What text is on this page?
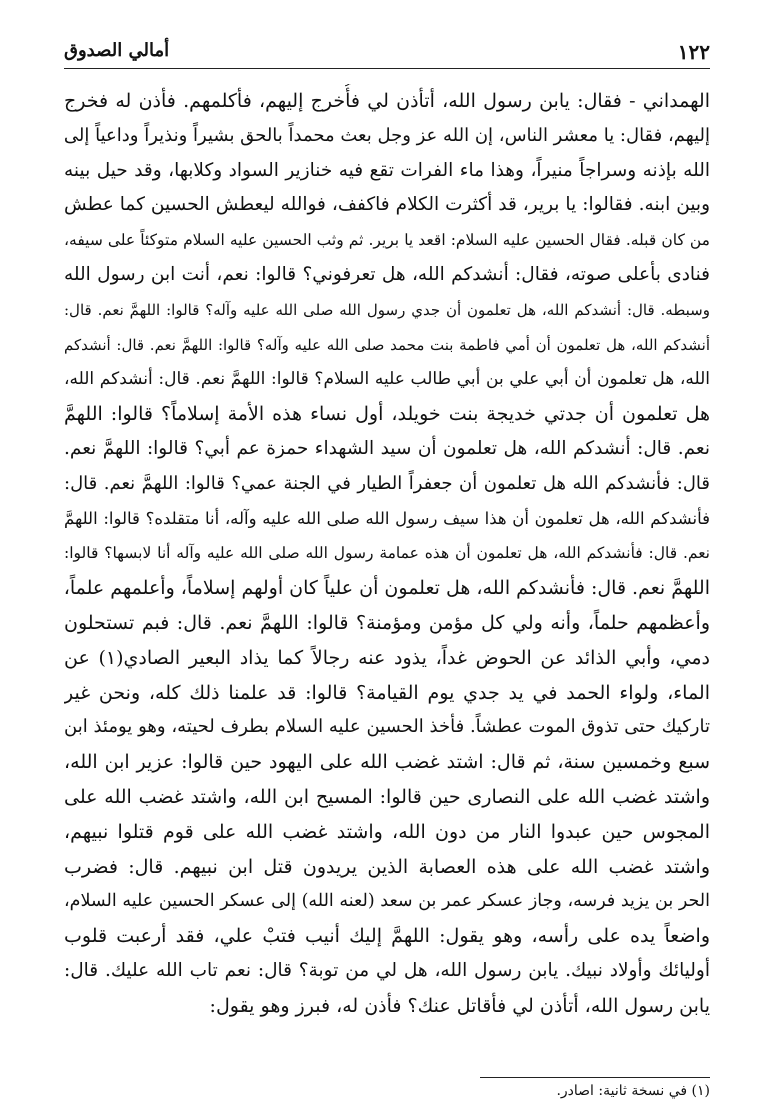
١٢٢
أمالي الصدوق
الهمداني - فقال: يابن رسول الله، أتأذن لي فأُخرج إليهم، فأكلمهم. فأذن له فخرج
إليهم، فقال: يا معشر الناس، إن الله عز وجل بعث محمداً بالحق بشيراً ونذيراً وداعياً إلى
الله بإذنه وسراجاً منيراً، وهذا ماء الفرات تقع فيه خنازير السواد وكلابها، وقد حيل بينه
وبين ابنه. فقالوا: يا برير، قد أكثرت الكلام فاكفف، فوالله ليعطش الحسين كما عطش
من كان قبله. فقال الحسين عليه السلام: اقعد يا برير. ثم وثب الحسين عليه السلام متوكئاً على سيفه،
فنادى بأعلى صوته، فقال: أنشدكم الله، هل تعرفوني؟ قالوا: نعم، أنت ابن رسول الله
وسبطه. قال: أنشدكم الله، هل تعلمون أن جدي رسول الله صلى الله عليه وآله؟ قالوا: اللهمَّ نعم. قال:
أنشدكم الله، هل تعلمون أن أمي فاطمة بنت محمد صلى الله عليه وآله؟ قالوا: اللهمَّ نعم. قال: أنشدكم
الله، هل تعلمون أن أبي علي بن أبي طالب عليه السلام؟ قالوا: اللهمَّ نعم. قال: أنشدكم الله،
هل تعلمون أن جدتي خديجة بنت خويلد، أول نساء هذه الأمة إسلاماً؟ قالوا: اللهمَّ
نعم. قال: أنشدكم الله، هل تعلمون أن سيد الشهداء حمزة عم أبي؟ قالوا: اللهمَّ نعم.
قال: فأنشدكم الله هل تعلمون أن جعفراً الطيار في الجنة عمي؟ قالوا: اللهمَّ نعم. قال:
فأنشدكم الله، هل تعلمون أن هذا سيف رسول الله صلى الله عليه وآله، أنا متقلده؟ قالوا: اللهمَّ
نعم. قال: فأنشدكم الله، هل تعلمون أن هذه عمامة رسول الله صلى الله عليه وآله أنا لابسها؟ قالوا:
اللهمَّ نعم. قال: فأنشدكم الله، هل تعلمون أن علياً كان أولهم إسلاماً، وأعلمهم علماً،
وأعظمهم حلماً، وأنه ولي كل مؤمن ومؤمنة؟ قالوا: اللهمَّ نعم. قال: فبم تستحلون
دمي، وأبي الذائد عن الحوض غداً، يذود عنه رجالاً كما يذاد البعير الصادي(١) عن
الماء، ولواء الحمد في يد جدي يوم القيامة؟ قالوا: قد علمنا ذلك كله، ونحن غير
تاركيك حتى تذوق الموت عطشاً. فأخذ الحسين عليه السلام بطرف لحيته، وهو يومئذ ابن
سبع وخمسين سنة، ثم قال: اشتد غضب الله على اليهود حين قالوا: عزير ابن الله،
واشتد غضب الله على النصارى حين قالوا: المسيح ابن الله، واشتد غضب الله على
المجوس حين عبدوا النار من دون الله، واشتد غضب الله على قوم قتلوا نبيهم،
واشتد غضب الله على هذه العصابة الذين يريدون قتل ابن نبيهم. قال: فضرب
الحر بن يزيد فرسه، وجاز عسكر عمر بن سعد (لعنه الله) إلى عسكر الحسين عليه السلام،
واضعاً يده على رأسه، وهو يقول: اللهمَّ إليك أنيب فتبْ علي، فقد أرعبت قلوب
أوليائك وأولاد نبيك. يابن رسول الله، هل لي من توبة؟ قال: نعم تاب الله عليك. قال:
يابن رسول الله، أتأذن لي فأقاتل عنك؟ فأذن له، فبرز وهو يقول:
(١) في نسخة ثانية: اصادر.
